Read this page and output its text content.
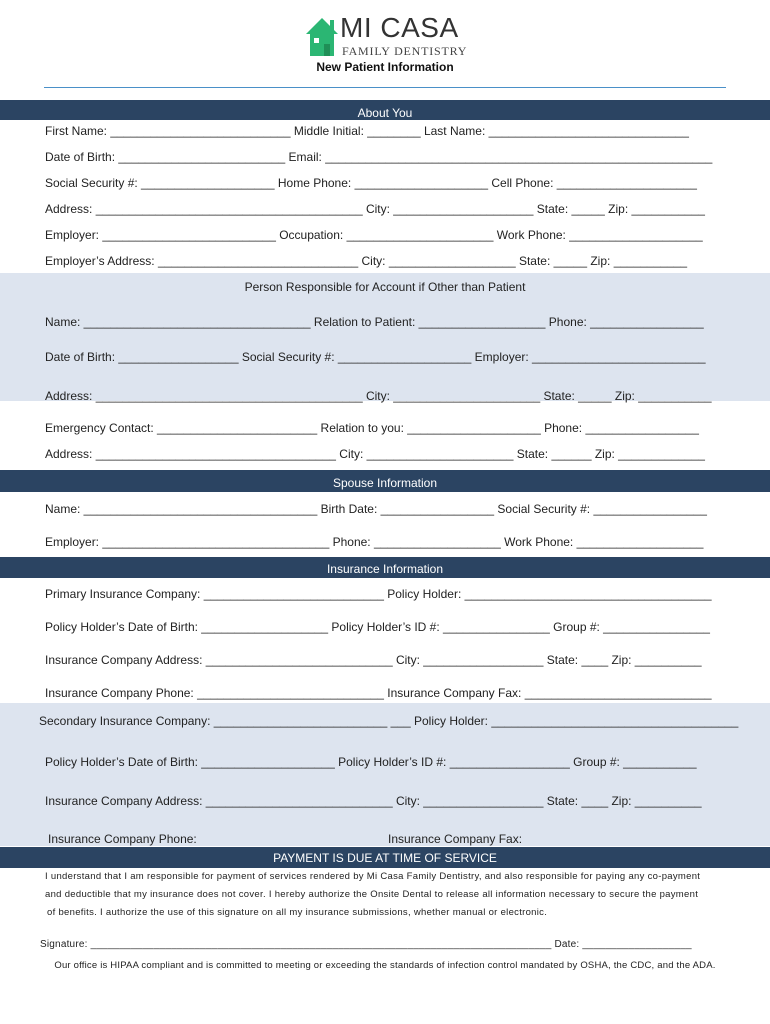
MI CASA
FAMILY DENTISTRY
New Patient Information
About You
First Name: ___________________________ Middle Initial: ________ Last Name: ______________________________
Date of Birth: _________________________ Email: __________________________________________________________
Social Security #: ____________________ Home Phone: ____________________ Cell Phone: _____________________
Address: ________________________________________ City: _____________________ State: _____ Zip: ___________
Employer: __________________________ Occupation: ______________________ Work Phone: ____________________
Employer’s Address: ______________________________ City: ___________________ State: _____ Zip: ___________
Person Responsible for Account if Other than Patient
Name: __________________________________ Relation to Patient: ___________________ Phone: _________________
Date of Birth: __________________ Social Security #: ____________________ Employer: __________________________
Address: ________________________________________ City: ______________________ State: _____ Zip: ___________
Emergency Contact: ________________________ Relation to you: ____________________ Phone: _________________
Address: ____________________________________ City: ______________________ State: ______ Zip: _____________
Spouse Information
Name: ___________________________________ Birth Date: _________________ Social Security #: _________________
Employer: __________________________________ Phone: ___________________ Work Phone: ___________________
Insurance Information
Primary Insurance Company: ___________________________ Policy Holder: _____________________________________
Policy Holder’s Date of Birth: ___________________ Policy Holder’s ID #: ________________ Group #: ________________
Insurance Company Address: ____________________________ City: __________________ State: ____ Zip: __________
Insurance Company Phone: ____________________________ Insurance Company Fax: ____________________________
Secondary Insurance Company: __________________________ ___ Policy Holder: _____________________________________
Policy Holder’s Date of Birth: ____________________ Policy Holder’s ID #: __________________ Group #: ___________
Insurance Company Address: ____________________________ City: __________________ State: ____ Zip: __________
Insurance Company Phone:	Insurance Company Fax:
PAYMENT IS DUE AT TIME OF SERVICE
I understand that I am responsible for payment of services rendered by Mi Casa Family Dentistry, and also responsible for paying any co-payment
and deductible that my insurance does not cover. I hereby authorize the Onsite Dental to release all information necessary to secure the payment
of benefits. I authorize the use of this signature on all my insurance submissions, whether manual or electronic.
Signature: ________________________________________________________________________________ Date: ___________________
Our office is HIPAA compliant and is committed to meeting or exceeding the standards of infection control mandated by OSHA, the CDC, and the ADA.
